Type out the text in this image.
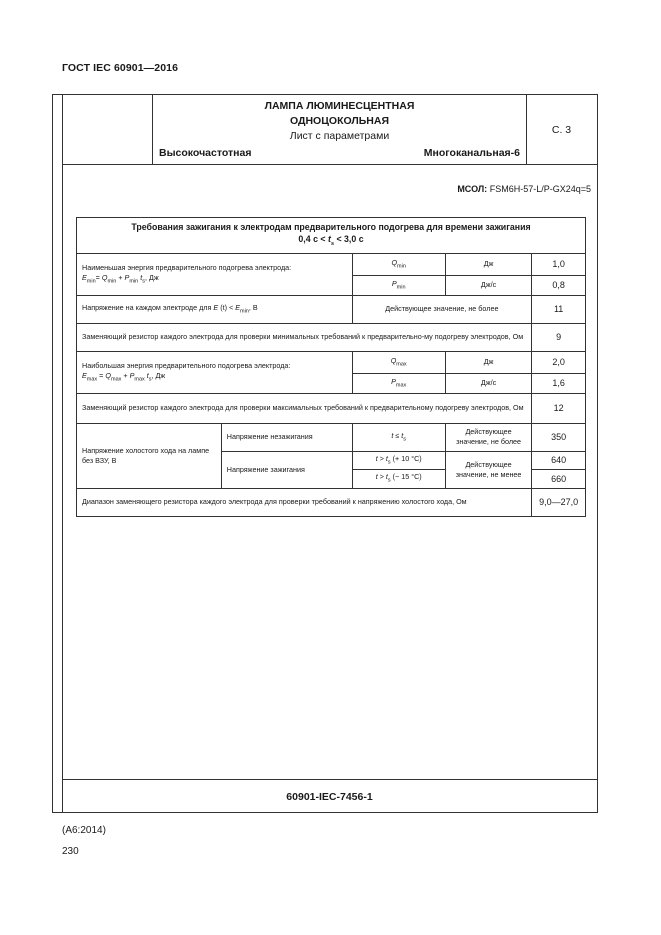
ГОСТ IEC 60901—2016
ЛАМПА ЛЮМИНЕСЦЕНТНАЯ
ОДНОЦОКОЛЬНАЯ
Лист с параметрами
Высокочастотная	Многоканальная-6
С. 3
МСОЛ: FSM6H-57-L/P-GX24q=5
60901-IEC-7456-1
Требования зажигания к электродам предварительного подогрева для времени зажигания
0,4 $с < t_s < 3,0$ с				

Наименьшая энергия предварительного подогрева электрода:
$E_{min}= Q_{min} + P_{min}$ $t_s$, Дж		$Q_{min}$	Дж	1,0
		$P_{min}$	Дж/с	0,8
Напряжение на каждом электроде для E $(t) < E_{min}$, В		Действующее значение, не более		11
Заменяющий резистор каждого электрода для проверки минимальных требований к предварительно-му подогреву электродов, Ом				9

Наибольшая энергия предварительного подогрева электрода:
$E_{max} = Q_{max} + P_{max}$ $t_s$, Дж		$Q_{max}$	Дж	2,0
		$P_{max}$	Дж/с	1,6
Заменяющий резистор каждого электрода для проверки максимальных требований к предварительному подогреву электродов, Ом				12
Напряжение холостого хода на лампе без ВЗУ, В	Напряжение незажигания	$t \le t_s$	Действующее значение, не более	350
	Напряжение зажигания	$t > t_s$ (+ 10 °C)	Действующее значение, не менее	640
		$t > t_s$ (− 15 °C)		660
Диапазон заменяющего резистора каждого электрода для проверки требований к напряжению холостого хода, Ом				9,0—27,0
(A6:2014)
230
